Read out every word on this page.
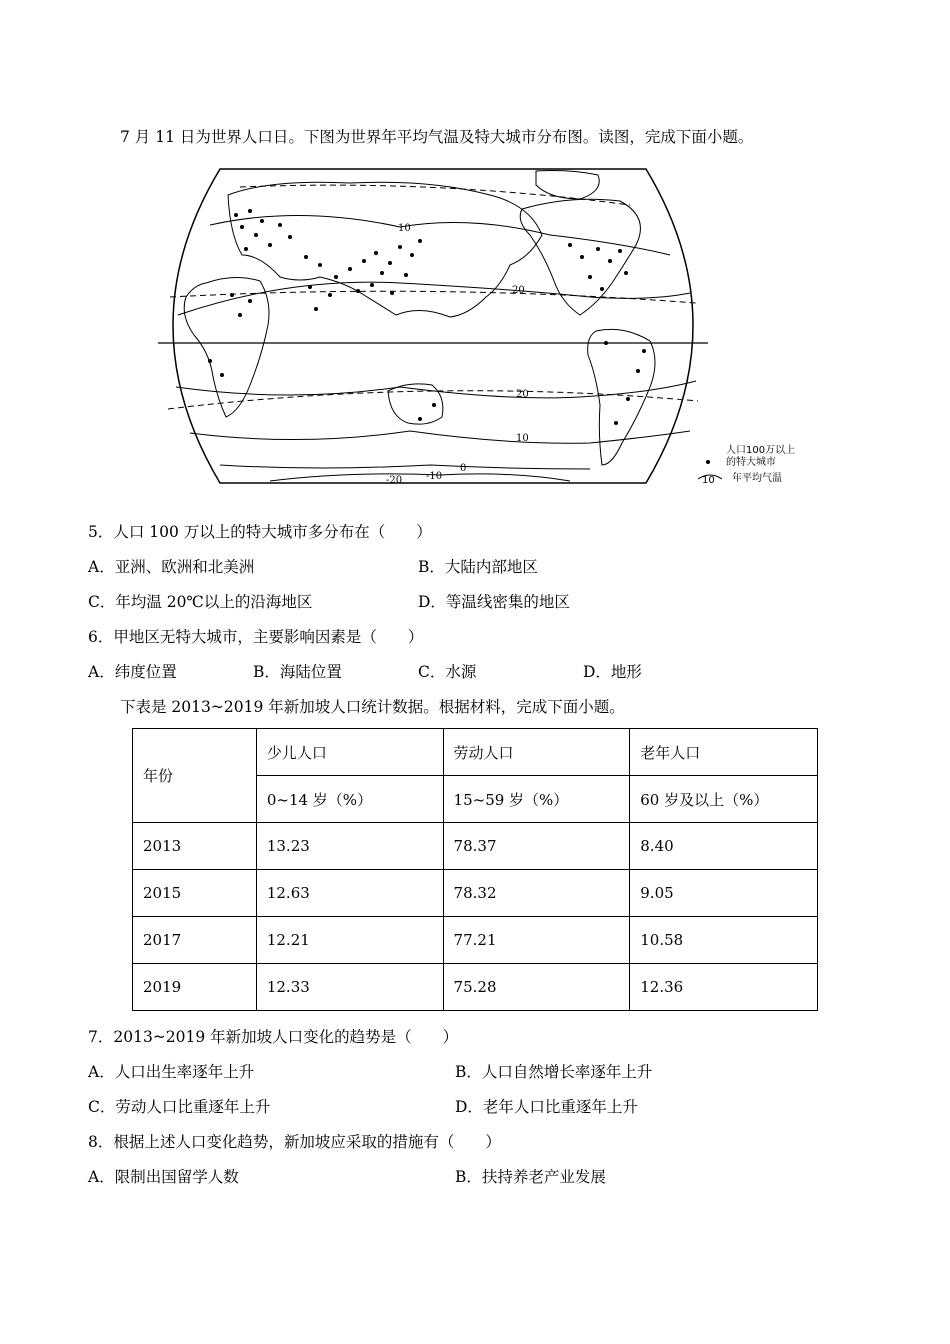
7 月 11 日为世界人口日。下图为世界年平均气温及特大城市分布图。读图，完成下面小题。
10
20
20
10
0
-10
-20
人口100万以上
的特大城市
10 年平均气温
5．人口 100 万以上的特大城市多分布在（　　）
A．亚洲、欧洲和北美洲	B．大陆内部地区
C．年均温 20℃以上的沿海地区	D．等温线密集的地区
6．甲地区无特大城市，主要影响因素是（　　）
A．纬度位置	B．海陆位置	C．水源	D．地形
下表是 2013~2019 年新加坡人口统计数据。根据材料，完成下面小题。
年份	少儿人口	劳动人口	老年人口
	0~14 岁（%）	15~59 岁（%）	60 岁及以上（%）
2013	13.23	78.37	8.40
2015	12.63	78.32	9.05
2017	12.21	77.21	10.58
2019	12.33	75.28	12.36
7．2013~2019 年新加坡人口变化的趋势是（　　）
A．人口出生率逐年上升	B．人口自然增长率逐年上升
C．劳动人口比重逐年上升	D．老年人口比重逐年上升
8．根据上述人口变化趋势，新加坡应采取的措施有（　　）
A．限制出国留学人数	B．扶持养老产业发展
